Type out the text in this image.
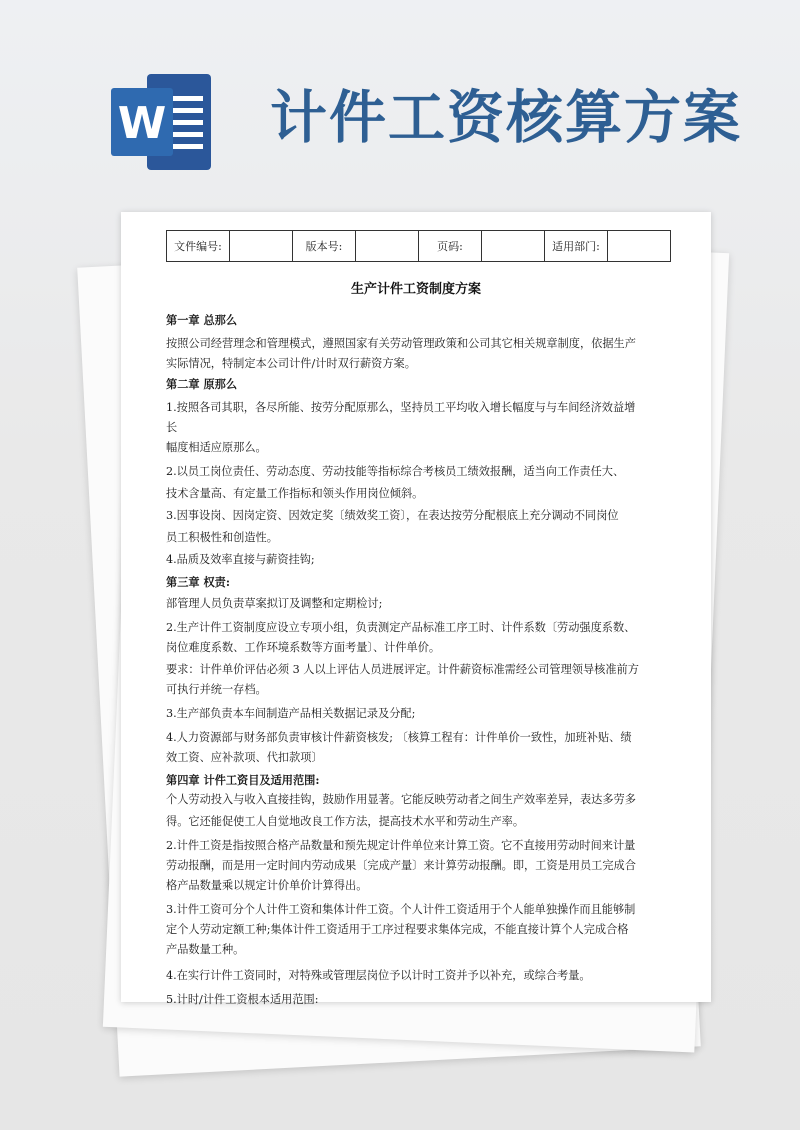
W 计件工资核算方案
文件编号:		版本号:		页码:		适用部门:	
生产计件工资制度方案

第一章 总那么

按照公司经营理念和管理模式，遵照国家有关劳动管理政策和公司其它相关规章制度，依据生产

实际情况，特制定本公司计件/计时双行薪资方案。

第二章 原那么

1.按照各司其职，各尽所能、按劳分配原那么，坚持员工平均收入增长幅度与与车间经济效益增

长

幅度相适应原那么。

2.以员工岗位责任、劳动态度、劳动技能等指标综合考核员工绩效报酬，适当向工作责任大、

技术含量高、有定量工作指标和领头作用岗位倾斜。

3.因事设岗、因岗定资、因效定奖〔绩效奖工资〕，在表达按劳分配根底上充分调动不同岗位

员工积极性和创造性。

4.品质及效率直接与薪资挂钩;

第三章 权责:

部管理人员负责草案拟订及调整和定期检讨;

2.生产计件工资制度应设立专项小组，负责测定产品标准工序工时、计件系数〔劳动强度系数、

岗位难度系数、工作环境系数等方面考量〕、计件单价。

要求：计件单价评估必须 3 人以上评估人员进展评定。计件薪资标准需经公司管理领导核准前方

可执行并统一存档。

3.生产部负责本车间制造产品相关数据记录及分配;

4.人力资源部与财务部负责审核计件薪资核发; 〔核算工程有：计件单价一致性，加班补贴、绩

效工资、应补款项、代扣款项〕

第四章 计件工资目及适用范围:

个人劳动投入与收入直接挂钩，鼓励作用显著。它能反映劳动者之间生产效率差异，表达多劳多

得。它还能促使工人自觉地改良工作方法，提高技术水平和劳动生产率。

2.计件工资是指按照合格产品数量和预先规定计件单位来计算工资。它不直接用劳动时间来计量

劳动报酬，而是用一定时间内劳动成果〔完成产量〕来计算劳动报酬。即，工资是用员工完成合

格产品数量乘以规定计价单价计算得出。

3.计件工资可分个人计件工资和集体计件工资。个人计件工资适用于个人能单独操作而且能够制

定个人劳动定额工种;集体计件工资适用于工序过程要求集体完成，不能直接计算个人完成合格

产品数量工种。

4.在实行计件工资同时，对特殊或管理层岗位予以计时工资并予以补充，或综合考量。

5.计时/计件工资根本适用范围:
